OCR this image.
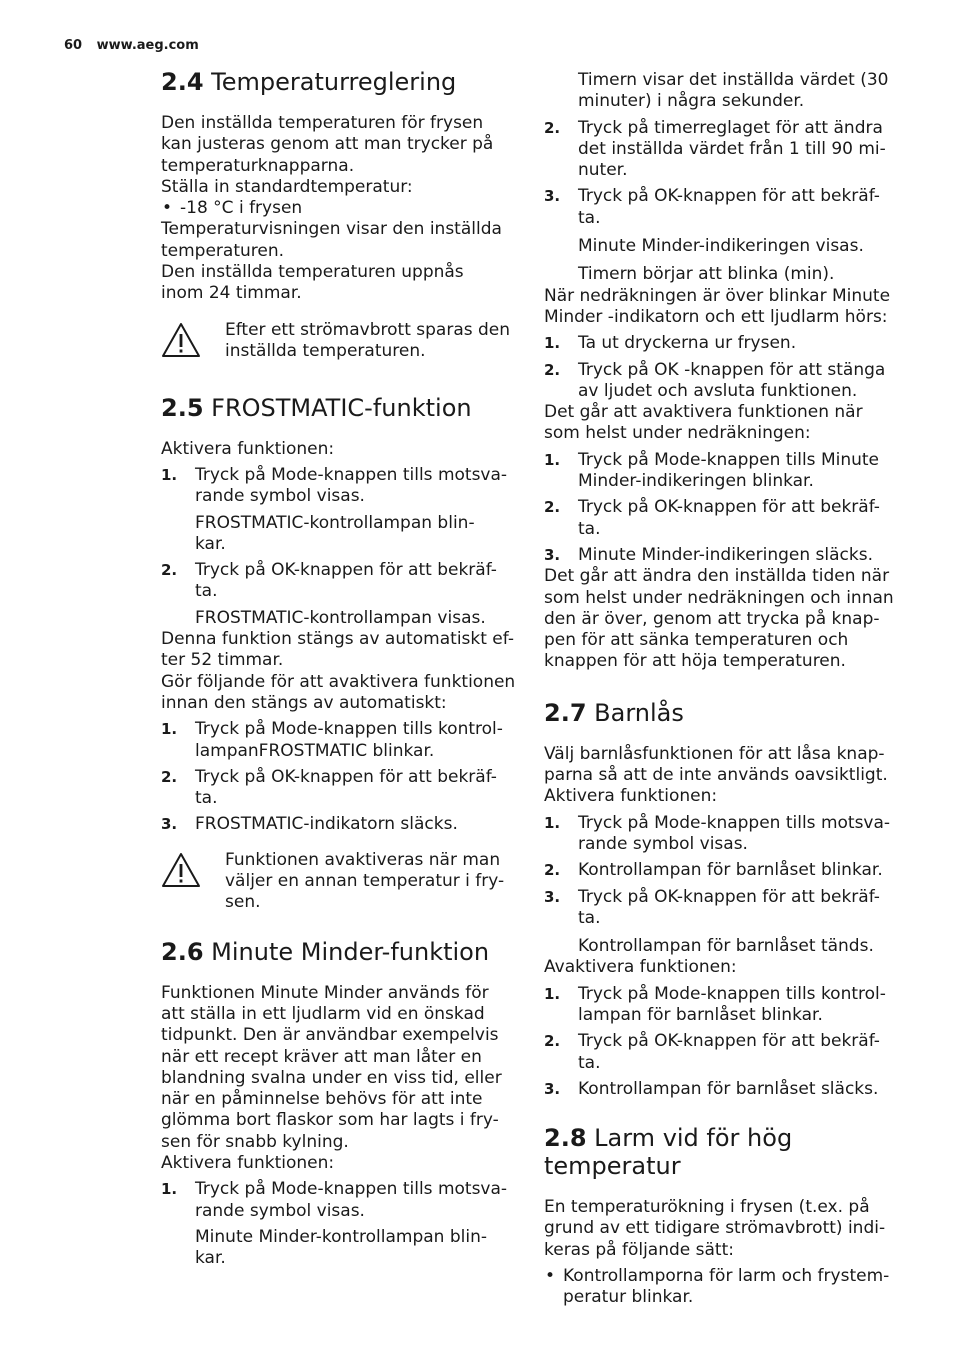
60 www.aeg.com
2.4 Temperaturreglering

Den inställda temperaturen för frysen
kan justeras genom att man trycker på
temperaturknapparna.
Ställa in standardtemperatur:

• -18 °C i frysen

Temperaturvisningen visar den inställda
temperaturen.
Den inställda temperaturen uppnås
inom 24 timmar.

Efter ett strömavbrott sparas den
inställda temperaturen.
2.5 FROSTMATIC-funktion

Aktivera funktionen:

1. Tryck på Mode-knappen tills motsva-
rande symbol visas.
FROSTMATIC-kontrollampan blin-
kar.
2. Tryck på OK-knappen för att bekräf-
ta.
FROSTMATIC-kontrollampan visas.

Denna funktion stängs av automatiskt ef-
ter 52 timmar.
Gör följande för att avaktivera funktionen
innan den stängs av automatiskt:

1. Tryck på Mode-knappen tills kontrol-
lampanFROSTMATIC blinkar.
2. Tryck på OK-knappen för att bekräf-
ta.
3. FROSTMATIC-indikatorn släcks.
Funktionen avaktiveras när man
väljer en annan temperatur i fry-
sen.
2.6 Minute Minder-funktion

Funktionen Minute Minder används för
att ställa in ett ljudlarm vid en önskad
tidpunkt. Den är användbar exempelvis
när ett recept kräver att man låter en
blandning svalna under en viss tid, eller
när en påminnelse behövs för att inte
glömma bort flaskor som har lagts i fry-
sen för snabb kylning.
Aktivera funktionen:

1. Tryck på Mode-knappen tills motsva-
rande symbol visas.
Minute Minder-kontrollampan blin-
kar.
Timern visar det inställda värdet (30
minuter) i några sekunder.
2. Tryck på timerreglaget för att ändra
det inställda värdet från 1 till 90 mi-
nuter.
3. Tryck på OK-knappen för att bekräf-
ta.
Minute Minder-indikeringen visas.
Timern börjar att blinka (min).

När nedräkningen är över blinkar Minute
Minder -indikatorn och ett ljudlarm hörs:

1. Ta ut dryckerna ur frysen.
2. Tryck på OK -knappen för att stänga
av ljudet och avsluta funktionen.

Det går att avaktivera funktionen när
som helst under nedräkningen:

1. Tryck på Mode-knappen tills Minute
Minder-indikeringen blinkar.
2. Tryck på OK-knappen för att bekräf-
ta.
3. Minute Minder-indikeringen släcks.

Det går att ändra den inställda tiden när
som helst under nedräkningen och innan
den är över, genom att trycka på knap-
pen för att sänka temperaturen och
knappen för att höja temperaturen.

2.7 Barnlås

Välj barnlåsfunktionen för att låsa knap-
parna så att de inte används oavsiktligt.
Aktivera funktionen:

1. Tryck på Mode-knappen tills motsva-
rande symbol visas.
2. Kontrollampan för barnlåset blinkar.
3. Tryck på OK-knappen för att bekräf-
ta.
Kontrollampan för barnlåset tänds.

Avaktivera funktionen:

1. Tryck på Mode-knappen tills kontrol-
lampan för barnlåset blinkar.
2. Tryck på OK-knappen för att bekräf-
ta.
3. Kontrollampan för barnlåset släcks.
2.8 Larm vid för hög
temperatur

En temperaturökning i frysen (t.ex. på
grund av ett tidigare strömavbrott) indi-
keras på följande sätt:

• Kontrollamporna för larm och frystem-
peratur blinkar.
